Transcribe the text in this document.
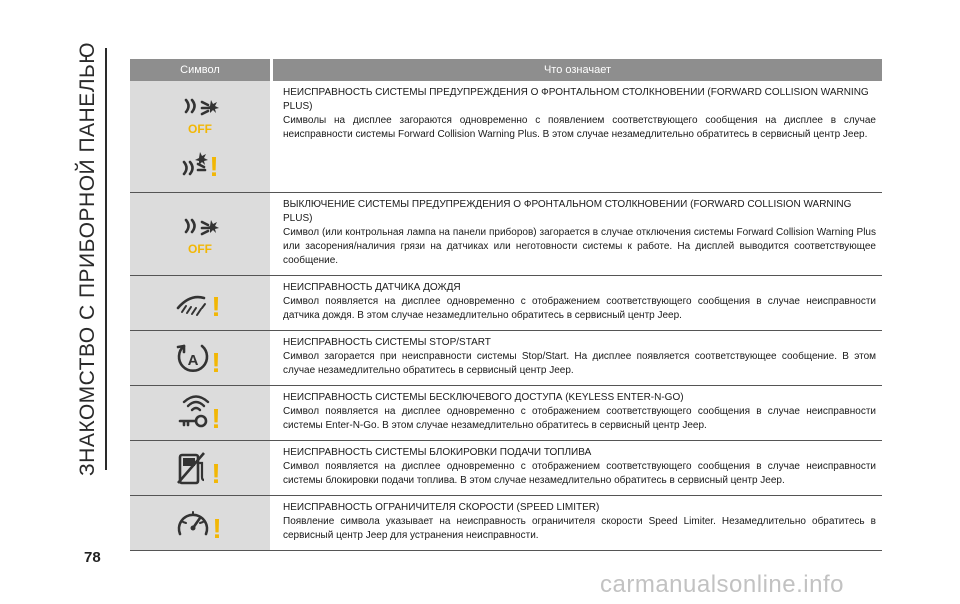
ЗНАКОМСТВО С ПРИБОРНОЙ ПАНЕЛЬЮ
78
Символ	Что означает
OFF
!
НЕИСПРАВНОСТЬ СИСТЕМЫ ПРЕДУПРЕЖДЕНИЯ О ФРОНТАЛЬНОМ СТОЛКНОВЕНИИ (FORWARD COLLISION WARNING PLUS)
Символы на дисплее загораются одновременно с появлением соответствующего сообщения на дисплее в случае неисправности системы Forward Collision Warning Plus. В этом случае незамедлительно обратитесь в сервисный центр Jeep.
OFF
ВЫКЛЮЧЕНИЕ СИСТЕМЫ ПРЕДУПРЕЖДЕНИЯ О ФРОНТАЛЬНОМ СТОЛКНОВЕНИИ (FORWARD COLLISION WARNING PLUS)
Символ (или контрольная лампа на панели приборов) загорается в случае отключения системы Forward Collision Warning Plus или засорения/наличия грязи на датчиках или неготовности системы к работе. На дисплей выводится соответствующее сообщение.
!
НЕИСПРАВНОСТЬ ДАТЧИКА ДОЖДЯ
Символ появляется на дисплее одновременно с отображением соответствующего сообщения в случае неисправности датчика дождя. В этом случае незамедлительно обратитесь в сервисный центр Jeep.
A !
НЕИСПРАВНОСТЬ СИСТЕМЫ STOP/START
Символ загорается при неисправности системы Stop/Start. На дисплее появляется соответствующее сообщение. В этом случае незамедлительно обратитесь в сервисный центр Jeep.
!
НЕИСПРАВНОСТЬ СИСТЕМЫ БЕСКЛЮЧЕВОГО ДОСТУПА (KEYLESS ENTER-N-GO)
Символ появляется на дисплее одновременно с отображением соответствующего сообщения в случае неисправности системы Enter-N-Go. В этом случае незамедлительно обратитесь в сервисный центр Jeep.
!
НЕИСПРАВНОСТЬ СИСТЕМЫ БЛОКИРОВКИ ПОДАЧИ ТОПЛИВА
Символ появляется на дисплее одновременно с отображением соответствующего сообщения в случае неисправности системы блокировки подачи топлива. В этом случае незамедлительно обратитесь в сервисный центр Jeep.
!
НЕИСПРАВНОСТЬ ОГРАНИЧИТЕЛЯ СКОРОСТИ (SPEED LIMITER)
Появление символа указывает на неисправность ограничителя скорости Speed Limiter. Незамедлительно обратитесь в сервисный центр Jeep для устранения неисправности.
carmanualsonline.info
